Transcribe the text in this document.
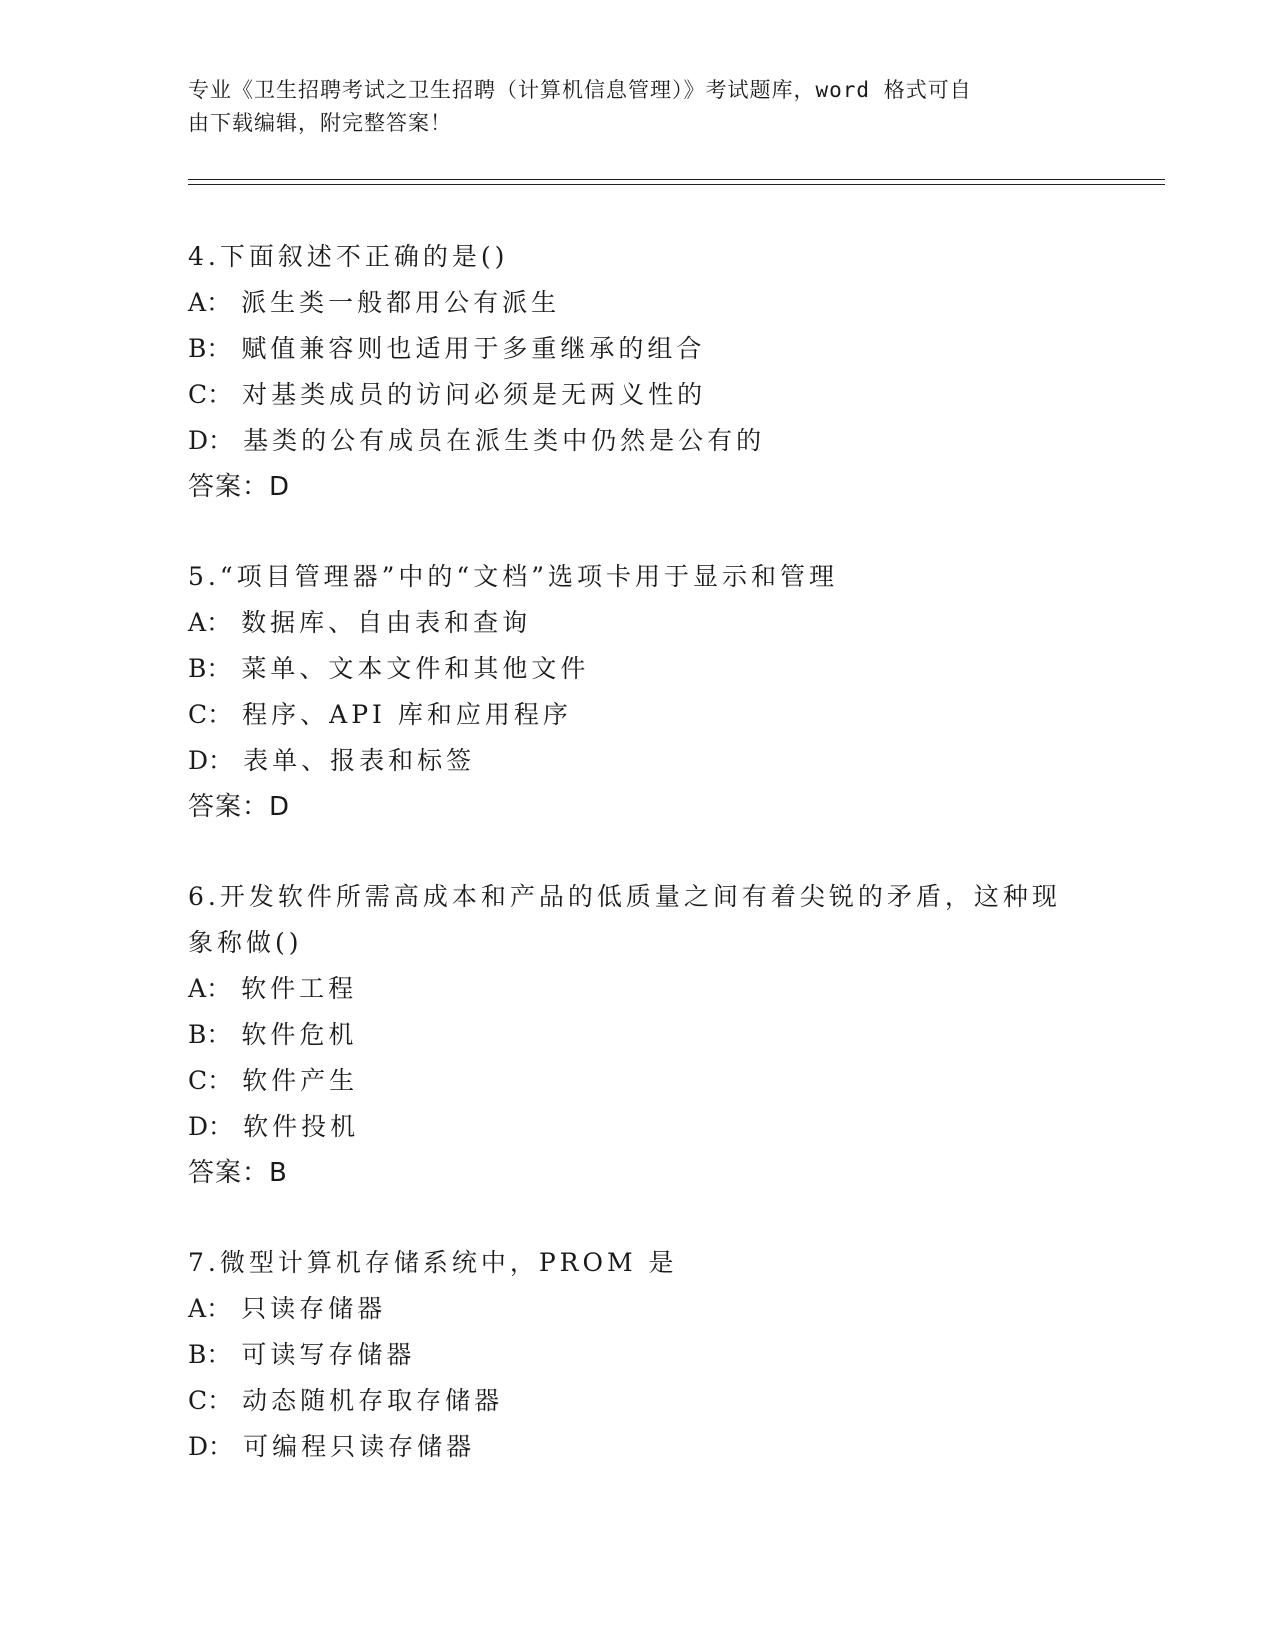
专业《卫生招聘考试之卫生招聘（计算机信息管理）》考试题库，word 格式可自
由下载编辑，附完整答案！

4.下面叙述不正确的是()

A： 派生类一般都用公有派生
B： 赋值兼容则也适用于多重继承的组合
C： 对基类成员的访问必须是无两义性的
D： 基类的公有成员在派生类中仍然是公有的

答案：D

5.“项目管理器”中的“文档”选项卡用于显示和管理

A： 数据库、自由表和查询
B： 菜单、文本文件和其他文件
C： 程序、API 库和应用程序
D： 表单、报表和标签

答案：D

6.开发软件所需高成本和产品的低质量之间有着尖锐的矛盾，这种现象称做()

A： 软件工程
B： 软件危机
C： 软件产生
D： 软件投机

答案：B

7.微型计算机存储系统中，PROM 是

A： 只读存储器
B： 可读写存储器
C： 动态随机存取存储器
D： 可编程只读存储器
